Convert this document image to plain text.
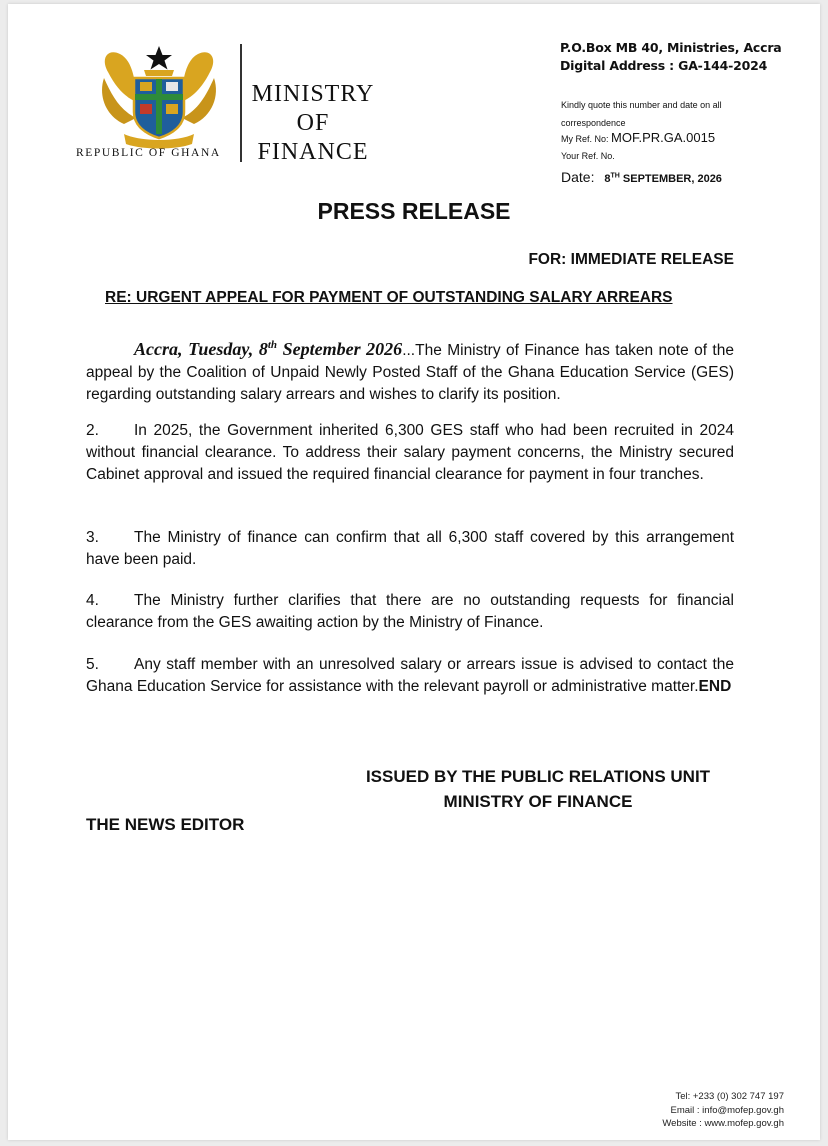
REPUBLIC OF GHANA
MINISTRY
OF
FINANCE
P.O.Box MB 40, Ministries, Accra
Digital Address : GA-144-2024
Kindly quote this number and date on all
correspondence
My Ref. No: MOF.PR.GA.0015
Your Ref. No.
Date: 8TH SEPTEMBER, 2026
PRESS RELEASE
FOR: IMMEDIATE RELEASE
RE: URGENT APPEAL FOR PAYMENT OF OUTSTANDING SALARY ARREARS
Accra, Tuesday, 8th September 2026...The Ministry of Finance has taken note of the appeal by the Coalition of Unpaid Newly Posted Staff of the Ghana Education Service (GES) regarding outstanding salary arrears and wishes to clarify its position.
2. In 2025, the Government inherited 6,300 GES staff who had been recruited in 2024 without financial clearance. To address their salary payment concerns, the Ministry secured Cabinet approval and issued the required financial clearance for payment in four tranches.
3. The Ministry of finance can confirm that all 6,300 staff covered by this arrangement have been paid.
4. The Ministry further clarifies that there are no outstanding requests for financial clearance from the GES awaiting action by the Ministry of Finance.
5. Any staff member with an unresolved salary or arrears issue is advised to contact the Ghana Education Service for assistance with the relevant payroll or administrative matter.END
ISSUED BY THE PUBLIC RELATIONS UNIT
MINISTRY OF FINANCE
THE NEWS EDITOR
Tel: +233 (0) 302 747 197
Email : info@mofep.gov.gh
Website : www.mofep.gov.gh
